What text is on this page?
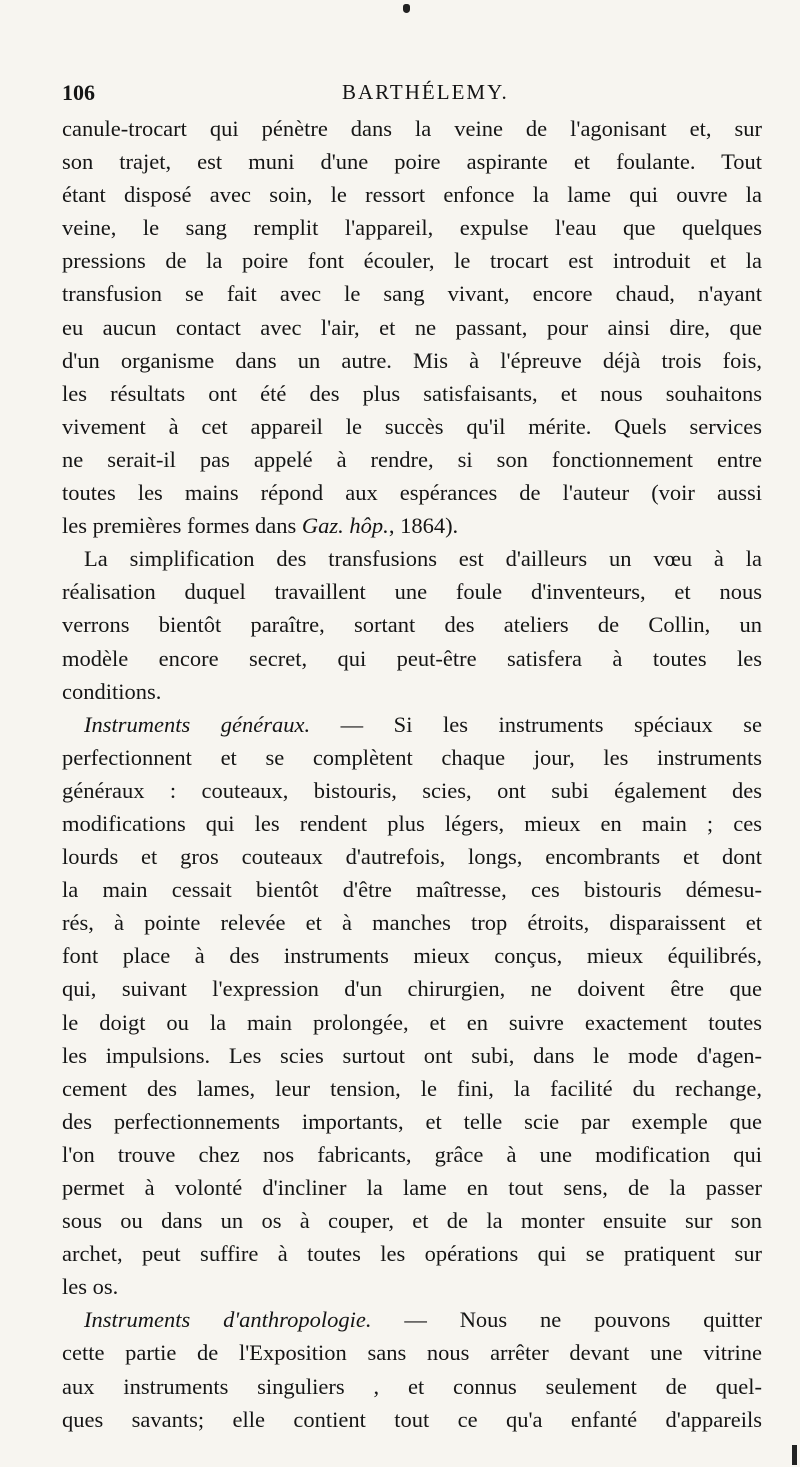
106	BARTHÉLEMY.
canule-trocart qui pénètre dans la veine de l'agonisant et, sur
son trajet, est muni d'une poire aspirante et foulante. Tout
étant disposé avec soin, le ressort enfonce la lame qui ouvre la
veine, le sang remplit l'appareil, expulse l'eau que quelques
pressions de la poire font écouler, le trocart est introduit et la
transfusion se fait avec le sang vivant, encore chaud, n'ayant
eu aucun contact avec l'air, et ne passant, pour ainsi dire, que
d'un organisme dans un autre. Mis à l'épreuve déjà trois fois,
les résultats ont été des plus satisfaisants, et nous souhaitons
vivement à cet appareil le succès qu'il mérite. Quels services
ne serait-il pas appelé à rendre, si son fonctionnement entre
toutes les mains répond aux espérances de l'auteur (voir aussi
les premières formes dans Gaz. hôp., 1864).
La simplification des transfusions est d'ailleurs un vœu à la
réalisation duquel travaillent une foule d'inventeurs, et nous
verrons bientôt paraître, sortant des ateliers de Collin, un
modèle encore secret, qui peut-être satisfera à toutes les
conditions.
Instruments généraux. — Si les instruments spéciaux se
perfectionnent et se complètent chaque jour, les instruments
généraux : couteaux, bistouris, scies, ont subi également des
modifications qui les rendent plus légers, mieux en main ; ces
lourds et gros couteaux d'autrefois, longs, encombrants et dont
la main cessait bientôt d'être maîtresse, ces bistouris démesu-
rés, à pointe relevée et à manches trop étroits, disparaissent et
font place à des instruments mieux conçus, mieux équilibrés,
qui, suivant l'expression d'un chirurgien, ne doivent être que
le doigt ou la main prolongée, et en suivre exactement toutes
les impulsions. Les scies surtout ont subi, dans le mode d'agen-
cement des lames, leur tension, le fini, la facilité du rechange,
des perfectionnements importants, et telle scie par exemple que
l'on trouve chez nos fabricants, grâce à une modification qui
permet à volonté d'incliner la lame en tout sens, de la passer
sous ou dans un os à couper, et de la monter ensuite sur son
archet, peut suffire à toutes les opérations qui se pratiquent sur
les os.
Instruments d'anthropologie. — Nous ne pouvons quitter
cette partie de l'Exposition sans nous arrêter devant une vitrine
aux instruments singuliers , et connus seulement de quel-
ques savants; elle contient tout ce qu'a enfanté d'appareils
